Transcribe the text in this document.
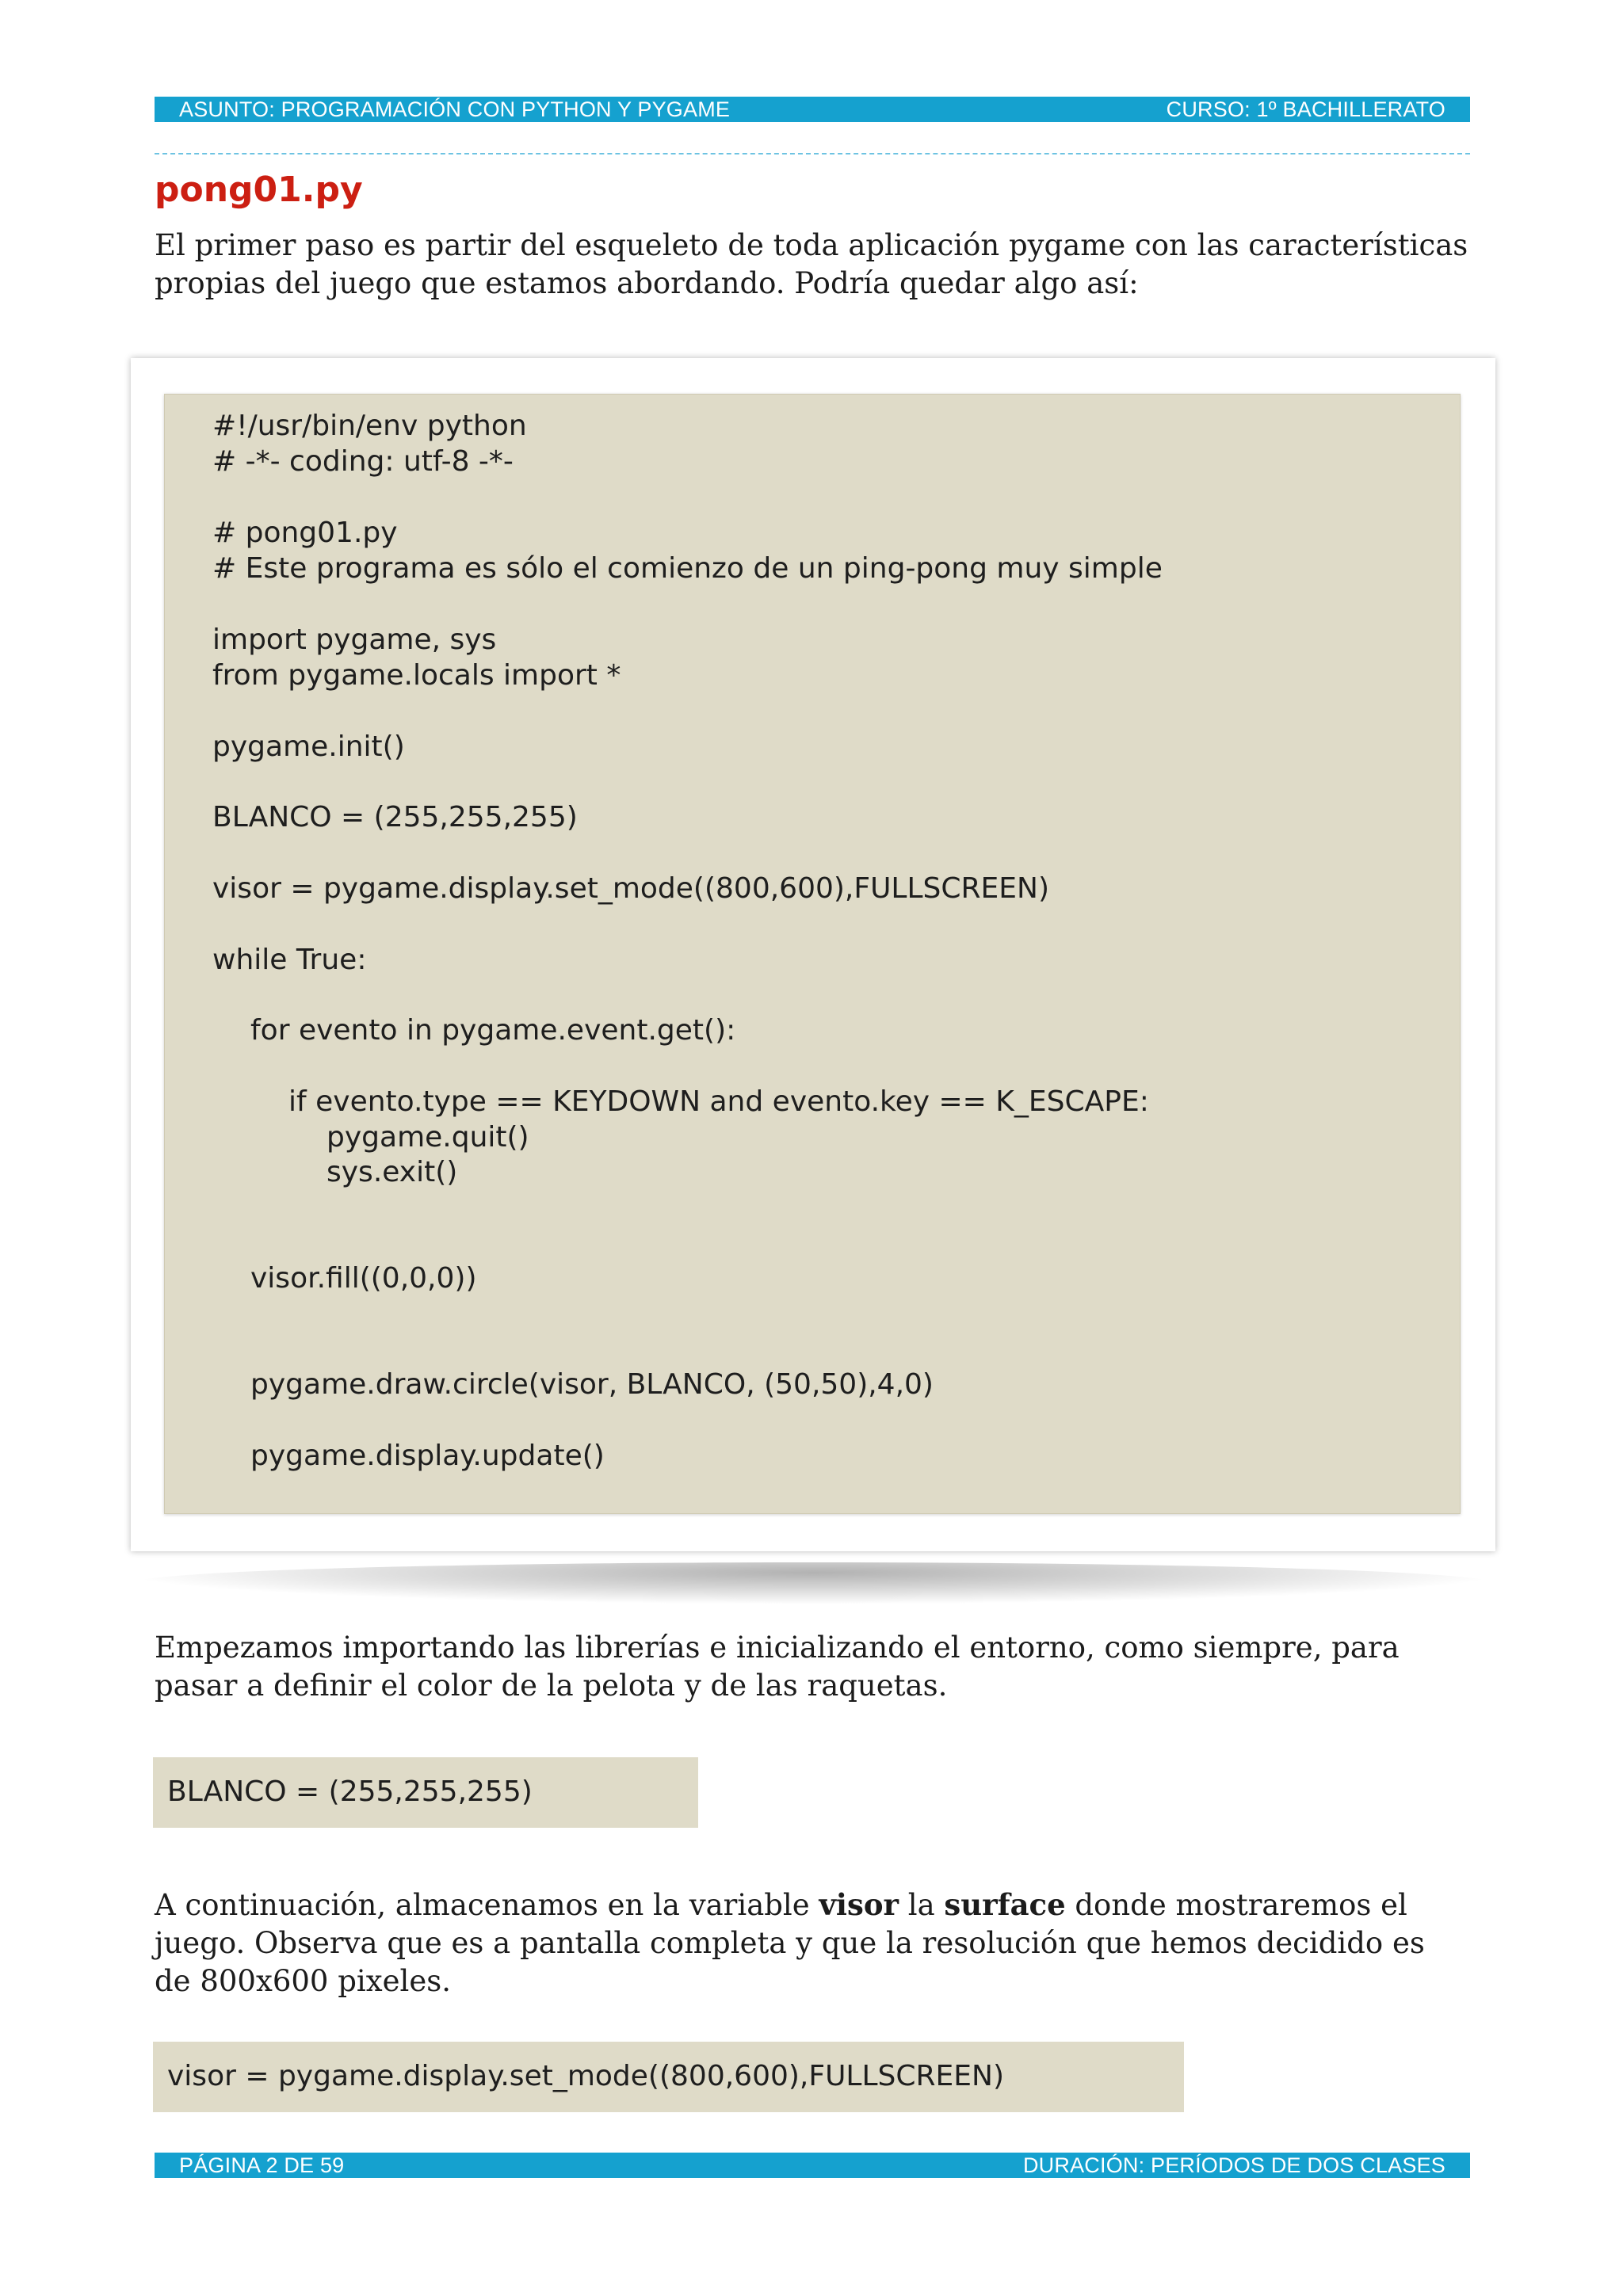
ASUNTO: PROGRAMACIÓN CON PYTHON Y PYGAME	CURSO: 1º BACHILLERATO
pong01.py

El primer paso es partir del esqueleto de toda aplicación pygame con las características propias del juego que estamos abordando. Podría quedar algo así:

#!/usr/bin/env python
# -*- coding: utf-8 -*-
# pong01.py
# Este programa es sólo el comienzo de un ping-pong muy simple
import pygame, sys
from pygame.locals import *
pygame.init()
BLANCO = (255,255,255)
visor = pygame.display.set_mode((800,600),FULLSCREEN)
while True:
for evento in pygame.event.get():
if evento.type == KEYDOWN and evento.key == K_ESCAPE:
pygame.quit()
sys.exit()
visor.fill((0,0,0))
pygame.draw.circle(visor, BLANCO, (50,50),4,0)
pygame.display.update()

Empezamos importando las librerías e inicializando el entorno, como siempre, para pasar a definir el color de la pelota y de las raquetas.

BLANCO = (255,255,255)

A continuación, almacenamos en la variable visor la surface donde mostraremos el juego. Observa que es a pantalla completa y que la resolución que hemos decidido es de 800x600 pixeles.

visor = pygame.display.set_mode((800,600),FULLSCREEN)
PÁGINA 2 DE 59	DURACIÓN: PERÍODOS DE DOS CLASES
